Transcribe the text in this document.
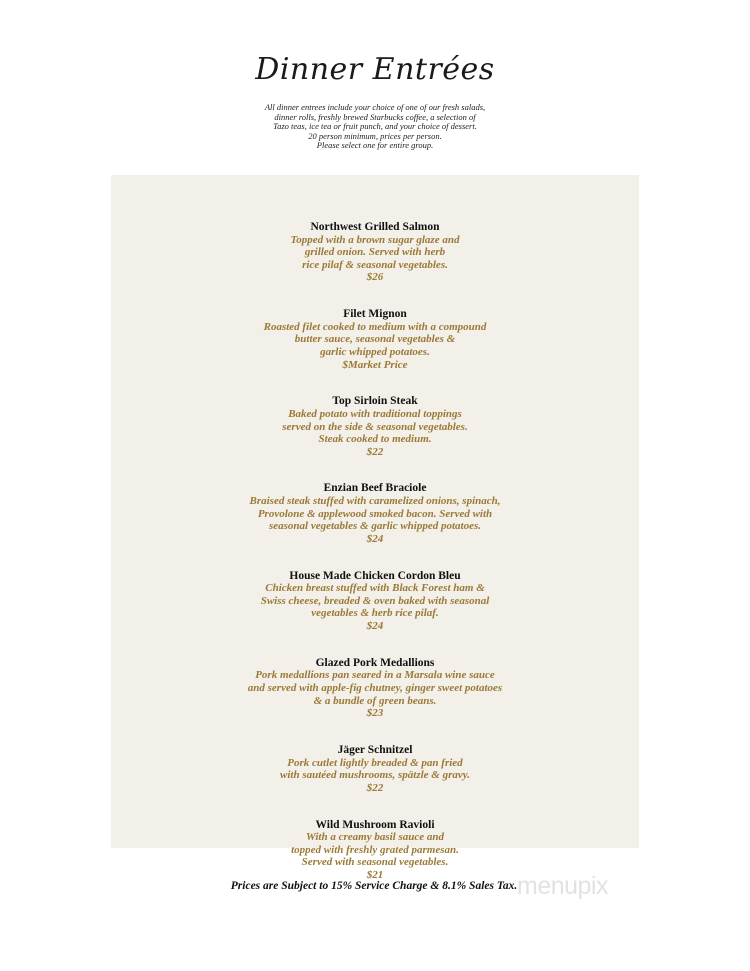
Dinner Entrées
All dinner entrees include your choice of one of our fresh salads,
dinner rolls, freshly brewed Starbucks coffee, a selection of
Tazo teas, ice tea or fruit punch, and your choice of dessert.
20 person minimum, prices per person.
Please select one for entire group.
Northwest Grilled Salmon
Topped with a brown sugar glaze and
grilled onion. Served with herb
rice pilaf & seasonal vegetables.
$26
Filet Mignon
Roasted filet cooked to medium with a compound
butter sauce, seasonal vegetables &
garlic whipped potatoes.
$Market Price
Top Sirloin Steak
Baked potato with traditional toppings
served on the side & seasonal vegetables.
Steak cooked to medium.
$22
Enzian Beef Braciole
Braised steak stuffed with caramelized onions, spinach,
Provolone & applewood smoked bacon. Served with
seasonal vegetables & garlic whipped potatoes.
$24
House Made Chicken Cordon Bleu
Chicken breast stuffed with Black Forest ham &
Swiss cheese, breaded & oven baked with seasonal
vegetables & herb rice pilaf.
$24
Glazed Pork Medallions
Pork medallions pan seared in a Marsala wine sauce
and served with apple-fig chutney, ginger sweet potatoes
& a bundle of green beans.
$23
Jäger Schnitzel
Pork cutlet lightly breaded & pan fried
with sautéed mushrooms, spätzle & gravy.
$22
Wild Mushroom Ravioli
With a creamy basil sauce and
topped with freshly grated parmesan.
Served with seasonal vegetables.
$21
Prices are Subject to 15% Service Charge & 8.1% Sales Tax. menupix
